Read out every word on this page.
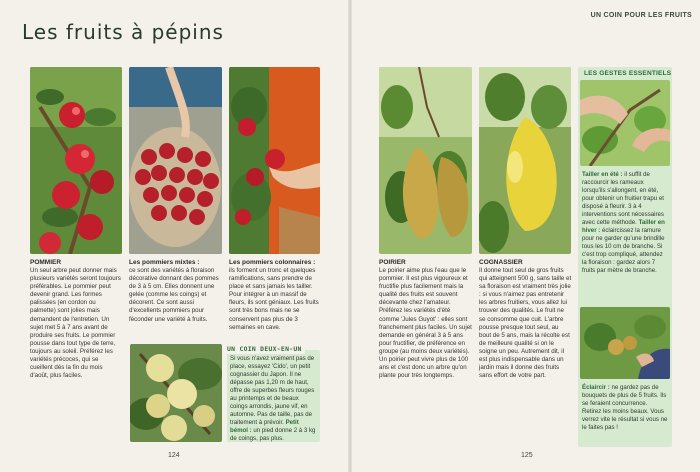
Les fruits à pépins
POMMIER
Un seul arbre peut donner mais plusieurs variétés seront toujours préférables. Le pommier peut devenir grand. Les formes palissées (en cordon ou palmette) sont jolies mais demandent de l'entretien. Un sujet met 5 à 7 ans avant de produire ses fruits. Le pommier pousse dans tout type de terre, toujours au soleil. Préférez les variétés précoces, qui se cueillent dès la fin du mois d'août, plus faciles.
Les pommiers mixtes :
ce sont des variétés à floraison décorative donnant des pommes de 3 à 5 cm. Elles donnent une gelée (comme les coings) et décorent. Ce sont aussi d'excellents pommiers pour féconder une variété à fruits.
Les pommiers colonnaires :
ils forment un tronc et quelques ramifications, sans prendre de place et sans jamais les tailler. Pour intégrer à un massif de fleurs, ils sont géniaux. Les fruits sont très bons mais ne se conservent pas plus de 3 semaines en cave.
UN COIN DEUX-EN-UN
Si vous n'avez vraiment pas de place, essayez 'Cido', un petit cognassier du Japon. Il ne dépasse pas 1,20 m de haut, offre de superbes fleurs rouges au printemps et de beaux coings arrondis, jaune vif, en automne. Pas de taille, pas de traitement à prévoir. Petit bémol : un pied donne 2 à 3 kg de coings, pas plus.
124
UN COIN POUR LES FRUITS
POIRIER
Le poirier aime plus l'eau que le pommier. Il est plus vigoureux et fructifie plus facilement mais la qualité des fruits est souvent décevante chez l'amateur. Préférez les variétés d'été comme 'Jules Guyot' : elles sont franchement plus faciles. Un sujet demande en général 3 à 5 ans pour fructifier, de préférence en groupe (au moins deux variétés). Un poirier peut vivre plus de 100 ans et c'est donc un arbre qu'on plante pour très longtemps.
COGNASSIER
Il donne tout seul de gros fruits qui atteignent 500 g, sans taille et sa floraison est vraiment très jolie : si vous n'aimez pas entretenir les arbres fruitiers, vous allez lui trouver des qualités. Le fruit ne se consomme que cuit. L'arbre pousse presque tout seul, au bout de 5 ans, mais la récolte est de meilleure qualité si on le soigne un peu. Autrement dit, il est plus indispensable dans un jardin mais il donne des fruits sans effort de votre part.
LES GESTES ESSENTIELS
Tailler en été : il suffit de raccourcir les rameaux lorsqu'ils s'allongent, en été, pour obtenir un fruitier trapu et disposé à fleurir. 3 à 4 interventions sont nécessaires avec cette méthode. Tailler en hiver : éclaircissez la ramure pour ne garder qu'une brindille tous les 10 cm de branche. Si c'est trop compliqué, attendez la floraison : gardez alors 7 fruits par mètre de branche.
Éclaircir : ne gardez pas de bouquets de plus de 5 fruits. Ils se feraient concurrence. Retirez les moins beaux. Vous verrez vite le résultat si vous ne le faites pas !
125
